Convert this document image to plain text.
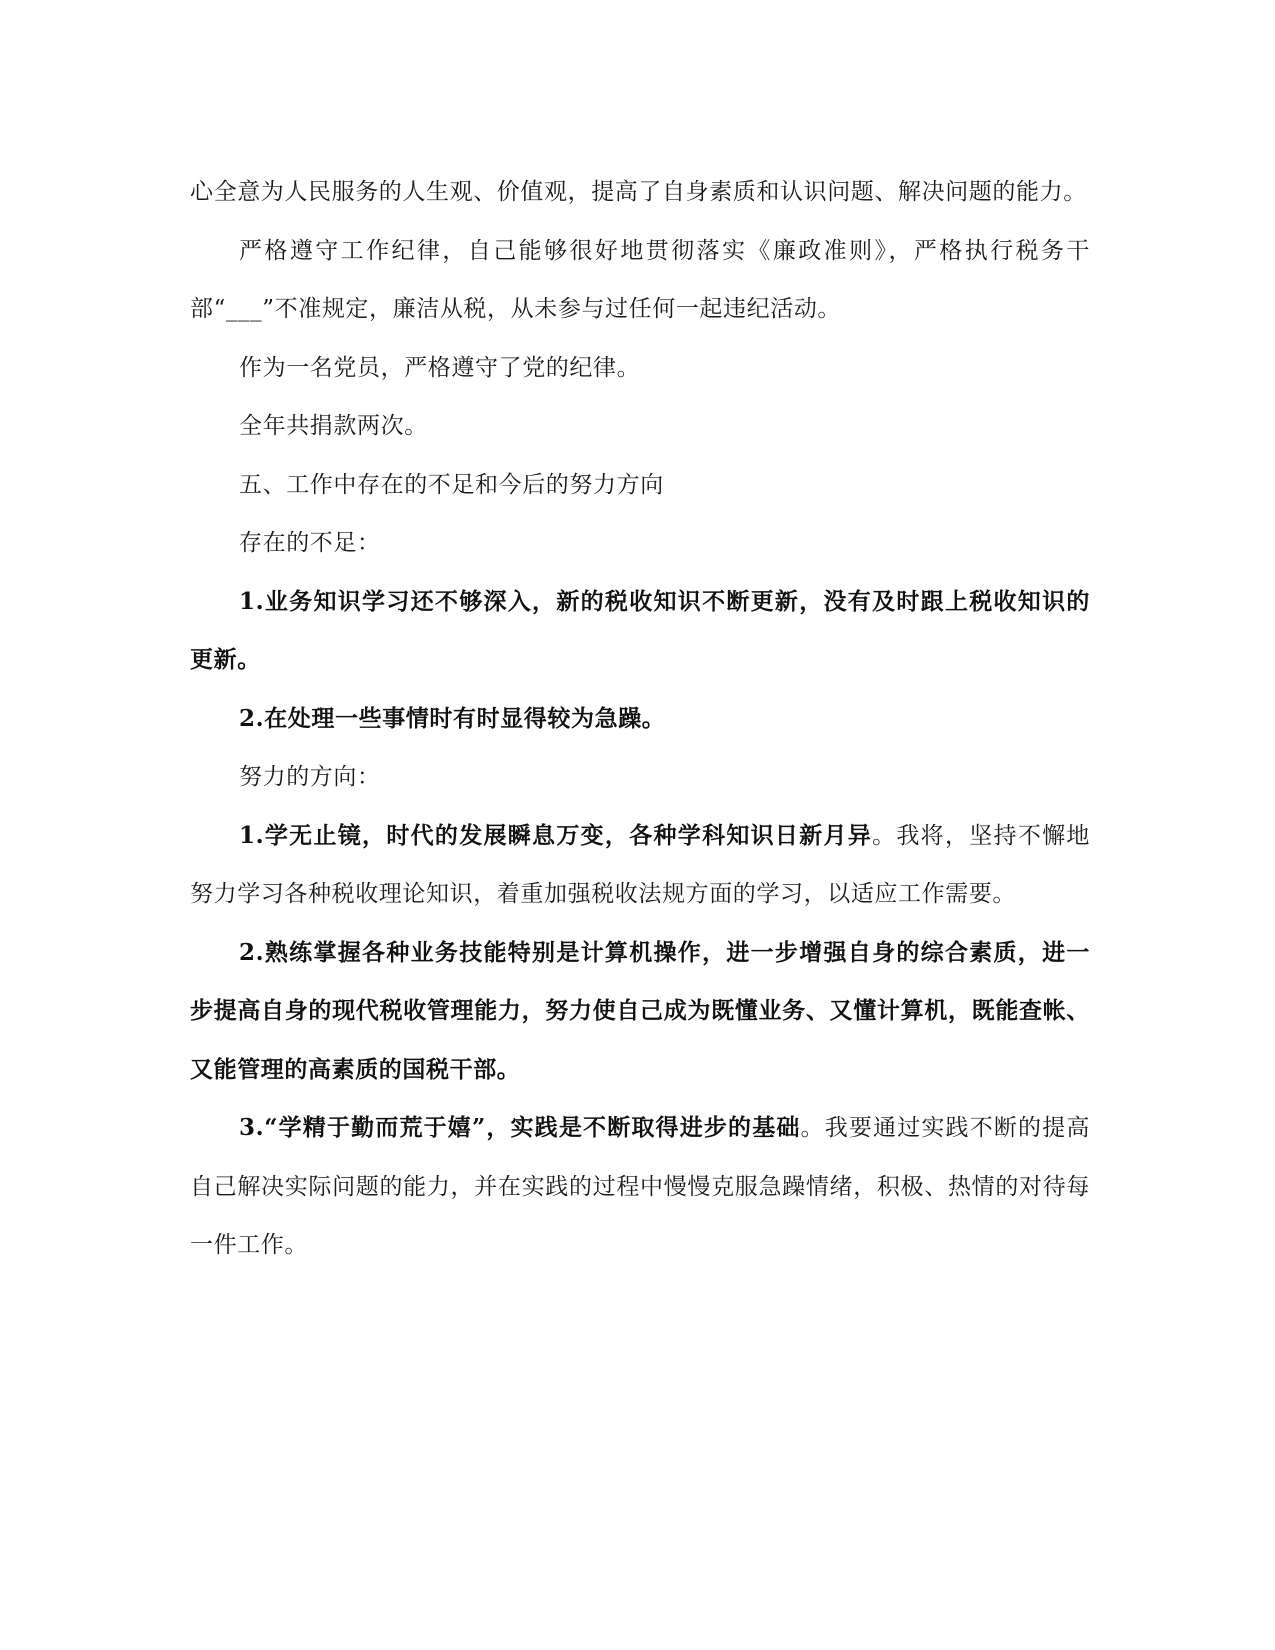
心全意为人民服务的人生观、价值观，提高了自身素质和认识问题、解决问题的能力。

严格遵守工作纪律，自己能够很好地贯彻落实《廉政准则》，严格执行税务干部“___”不准规定，廉洁从税，从未参与过任何一起违纪活动。

作为一名党员，严格遵守了党的纪律。

全年共捐款两次。

五、工作中存在的不足和今后的努力方向

存在的不足：

1.业务知识学习还不够深入，新的税收知识不断更新，没有及时跟上税收知识的更新。

2.在处理一些事情时有时显得较为急躁。

努力的方向：

1.学无止镜，时代的发展瞬息万变，各种学科知识日新月异。我将，坚持不懈地努力学习各种税收理论知识，着重加强税收法规方面的学习，以适应工作需要。

2.熟练掌握各种业务技能特别是计算机操作，进一步增强自身的综合素质，进一步提高自身的现代税收管理能力，努力使自己成为既懂业务、又懂计算机，既能查帐、又能管理的高素质的国税干部。

3.“学精于勤而荒于嬉”，实践是不断取得进步的基础。我要通过实践不断的提高自己解决实际问题的能力，并在实践的过程中慢慢克服急躁情绪，积极、热情的对待每一件工作。
